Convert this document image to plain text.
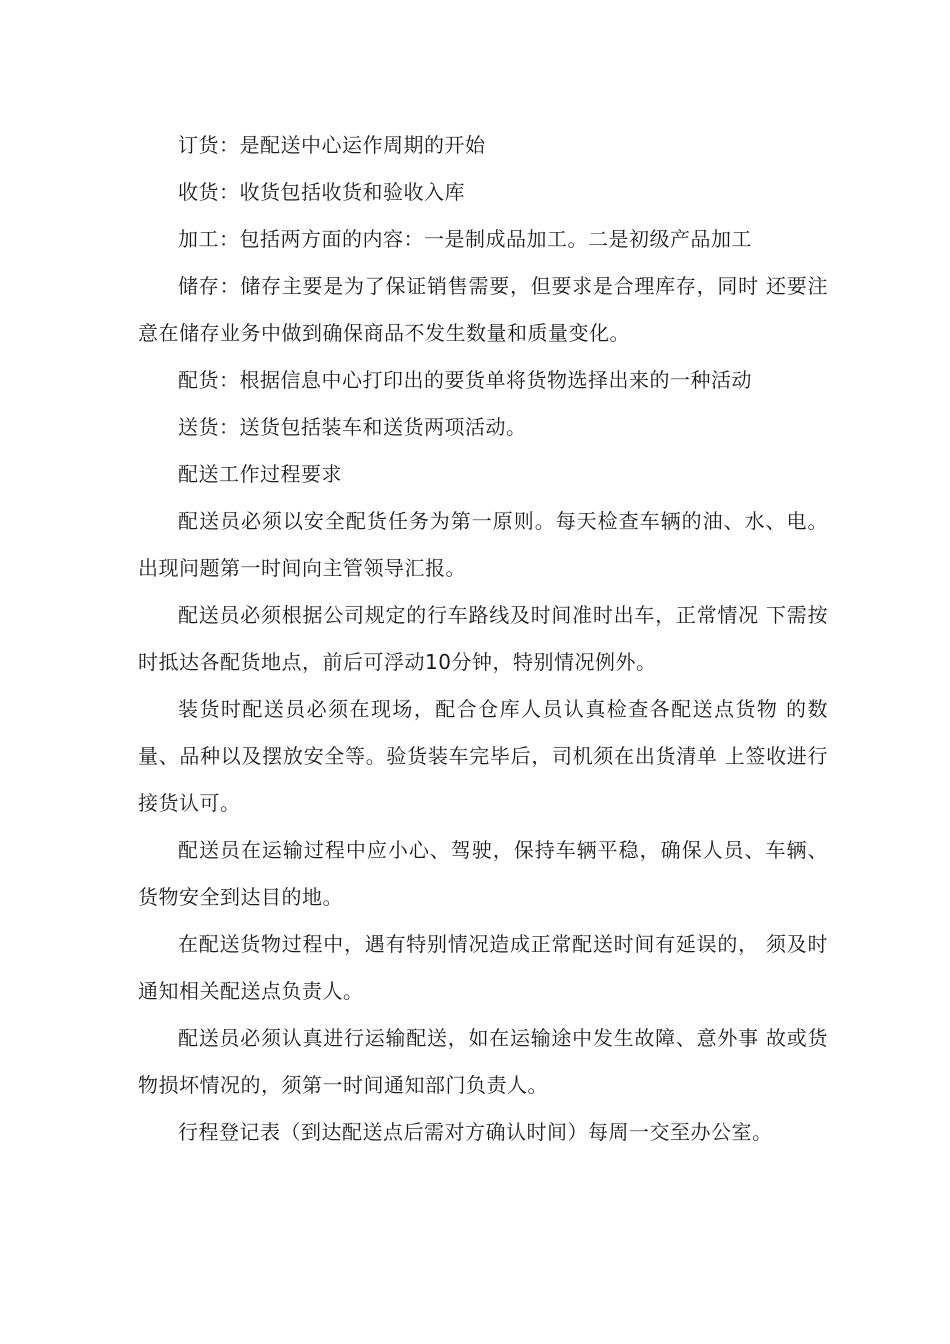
订货：是配送中心运作周期的开始

收货：收货包括收货和验收入库

加工：包括两方面的内容：一是制成品加工。二是初级产品加工

储存：储存主要是为了保证销售需要，但要求是合理库存，同时 还要注意在储存业务中做到确保商品不发生数量和质量变化。

配货：根据信息中心打印出的要货单将货物选择出来的一种活动

送货：送货包括装车和送货两项活动。

配送工作过程要求

配送员必须以安全配货任务为第一原则。每天检查车辆的油、水、电。出现问题第一时间向主管领导汇报。

配送员必须根据公司规定的行车路线及时间准时出车，正常情况 下需按时抵达各配货地点，前后可浮动10分钟，特别情况例外。

装货时配送员必须在现场，配合仓库人员认真检查各配送点货物 的数量、品种以及摆放安全等。验货装车完毕后，司机须在出货清单 上签收进行接货认可。

配送员在运输过程中应小心、驾驶，保持车辆平稳，确保人员、车辆、货物安全到达目的地。

在配送货物过程中，遇有特别情况造成正常配送时间有延误的， 须及时通知相关配送点负责人。

配送员必须认真进行运输配送，如在运输途中发生故障、意外事 故或货物损坏情况的，须第一时间通知部门负责人。

行程登记表（到达配送点后需对方确认时间）每周一交至办公室。
